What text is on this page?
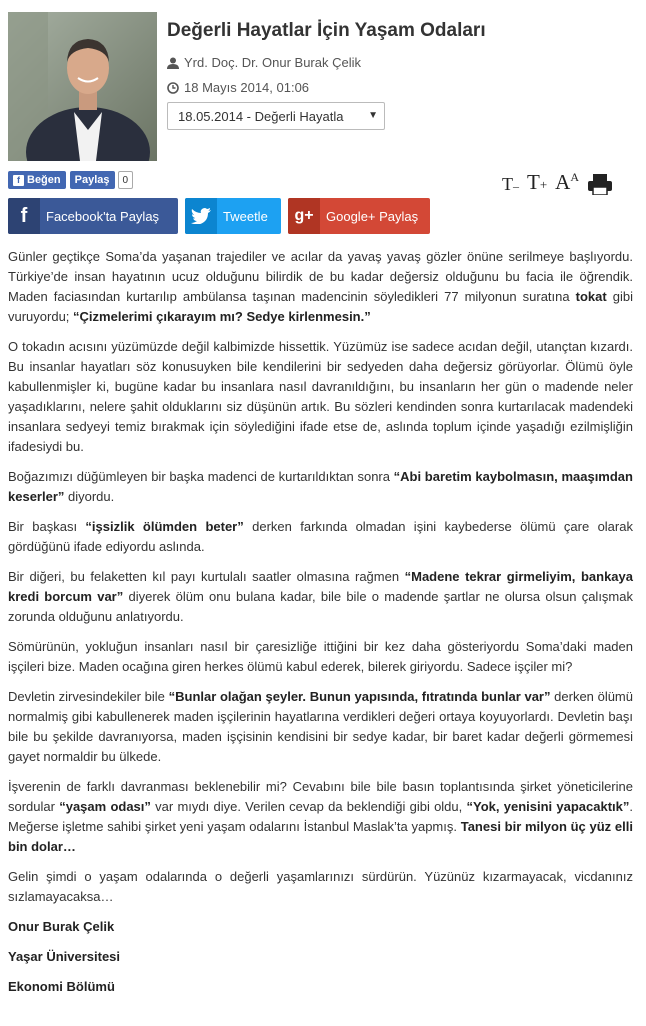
Değerli Hayatlar İçin Yaşam Odaları
Yrd. Doç. Dr. Onur Burak Çelik
18 Mayıs 2014, 01:06
18.05.2014 - Değerli Hayatla ▼
f Beğen Paylaş	0	T– $T+ A^A$
f	Facebook'ta Paylaş	Tweetle	g+ Google+ Paylaş

Günler geçtikçe Soma’da yaşanan trajediler ve acılar da yavaş yavaş gözler önüne serilmeye başlıyordu. Türkiye’de insan hayatının ucuz olduğunu bilirdik de bu kadar değersiz olduğunu bu facia ile öğrendik. Maden faciasından kurtarılıp ambülansa taşınan madencinin söyledikleri 77 milyonun suratına tokat gibi vuruyordu; “Çizmelerimi çıkarayım mı? Sedye kirlenmesin.”

O tokadın acısını yüzümüzde değil kalbimizde hissettik. Yüzümüz ise sadece acıdan değil, utançtan kızardı. Bu insanlar hayatları söz konusuyken bile kendilerini bir sedyeden daha değersiz görüyorlar. Ölümü öyle kabullenmişler ki, bugüne kadar bu insanlara nasıl davranıldığını, bu insanların her gün o madende neler yaşadıklarını, nelere şahit olduklarını siz düşünün artık. Bu sözleri kendinden sonra kurtarılacak madendeki insanlara sedyeyi temiz bırakmak için söylediğini ifade etse de, aslında toplum içinde yaşadığı ezilmişliğin ifadesiydi bu.

Boğazımızı düğümleyen bir başka madenci de kurtarıldıktan sonra “Abi baretim kaybolmasın, maaşımdan keserler” diyordu.

Bir başkası “işsizlik ölümden beter” derken farkında olmadan işini kaybederse ölümü çare olarak gördüğünü ifade ediyordu aslında.

Bir diğeri, bu felaketten kıl payı kurtulalı saatler olmasına rağmen “Madene tekrar girmeliyim, bankaya kredi borcum var” diyerek ölüm onu bulana kadar, bile bile o madende şartlar ne olursa olsun çalışmak zorunda olduğunu anlatıyordu.

Sömürünün, yokluğun insanları nasıl bir çaresizliğe ittiğini bir kez daha gösteriyordu Soma’daki maden işçileri bize. Maden ocağına giren herkes ölümü kabul ederek, bilerek giriyordu. Sadece işçiler mi?

Devletin zirvesindekiler bile “Bunlar olağan şeyler. Bunun yapısında, fıtratında bunlar var” derken ölümü normalmiş gibi kabullenerek maden işçilerinin hayatlarına verdikleri değeri ortaya koyuyorlardı. Devletin başı bile bu şekilde davranıyorsa, maden işçisinin kendisini bir sedye kadar, bir baret kadar değerli görmemesi gayet normaldir bu ülkede.

İşverenin de farklı davranması beklenebilir mi? Cevabını bile bile basın toplantısında şirket yöneticilerine sordular “yaşam odası” var mıydı diye. Verilen cevap da beklendiği gibi oldu, “Yok, yenisini yapacaktık”. Meğerse işletme sahibi şirket yeni yaşam odalarını İstanbul Maslak’ta yapmış. Tanesi bir milyon üç yüz elli bin dolar…

Gelin şimdi o yaşam odalarında o değerli yaşamlarınızı sürdürün. Yüzünüz kızarmayacak, vicdanınız sızlamayacaksa…

Onur Burak Çelik

Yaşar Üniversitesi

Ekonomi Bölümü
